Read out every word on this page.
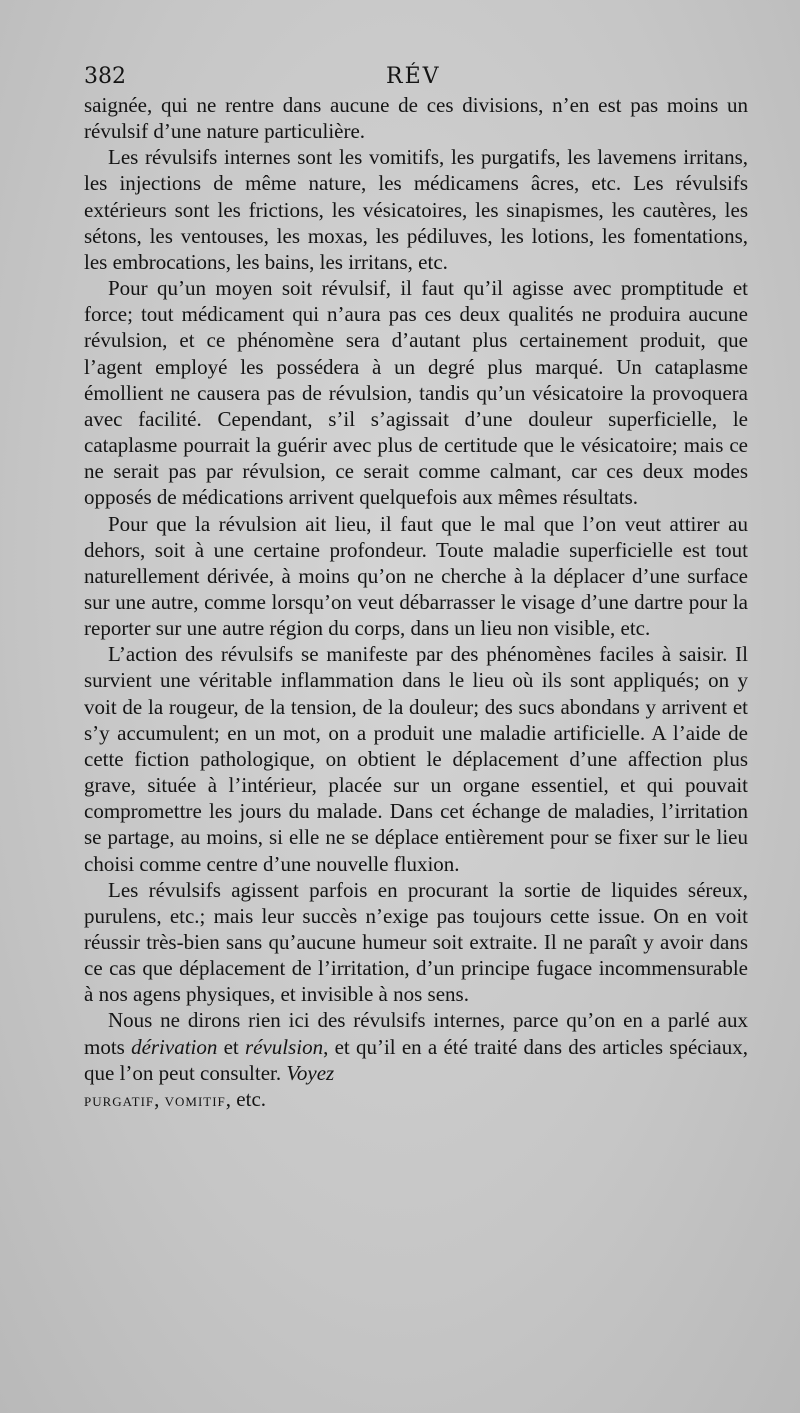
382	RÉV

saignée, qui ne rentre dans aucune de ces divisions, n’en est pas moins un révulsif d’une nature particulière.

Les révulsifs internes sont les vomitifs, les purgatifs, les lavemens irritans, les injections de même nature, les médicamens âcres, etc. Les révulsifs extérieurs sont les frictions, les vésicatoires, les sinapismes, les cautères, les sétons, les ventouses, les moxas, les pédiluves, les lotions, les fomentations, les embrocations, les bains, les irritans, etc.

Pour qu’un moyen soit révulsif, il faut qu’il agisse avec promptitude et force; tout médicament qui n’aura pas ces deux qualités ne produira aucune révulsion, et ce phénomène sera d’autant plus certainement produit, que l’agent employé les possédera à un degré plus marqué. Un cataplasme émollient ne causera pas de révulsion, tandis qu’un vésicatoire la provoquera avec facilité. Cependant, s’il s’agissait d’une douleur superficielle, le cataplasme pourrait la guérir avec plus de certitude que le vésicatoire; mais ce ne serait pas par révulsion, ce serait comme calmant, car ces deux modes opposés de médications arrivent quelquefois aux mêmes résultats.

Pour que la révulsion ait lieu, il faut que le mal que l’on veut attirer au dehors, soit à une certaine profondeur. Toute maladie superficielle est tout naturellement dérivée, à moins qu’on ne cherche à la déplacer d’une surface sur une autre, comme lorsqu’on veut débarrasser le visage d’une dartre pour la reporter sur une autre région du corps, dans un lieu non visible, etc.

L’action des révulsifs se manifeste par des phénomènes faciles à saisir. Il survient une véritable inflammation dans le lieu où ils sont appliqués; on y voit de la rougeur, de la tension, de la douleur; des sucs abondans y arrivent et s’y accumulent; en un mot, on a produit une maladie artificielle. A l’aide de cette fiction pathologique, on obtient le déplacement d’une affection plus grave, située à l’intérieur, placée sur un organe essentiel, et qui pouvait compromettre les jours du malade. Dans cet échange de maladies, l’irritation se partage, au moins, si elle ne se déplace entièrement pour se fixer sur le lieu choisi comme centre d’une nouvelle fluxion.

Les révulsifs agissent parfois en procurant la sortie de liquides séreux, purulens, etc.; mais leur succès n’exige pas toujours cette issue. On en voit réussir très-bien sans qu’aucune humeur soit extraite. Il ne paraît y avoir dans ce cas que déplacement de l’irritation, d’un principe fugace incommensurable à nos agens physiques, et invisible à nos sens.

Nous ne dirons rien ici des révulsifs internes, parce qu’on en a parlé aux mots dérivation et révulsion, et qu’il en a été traité dans des articles spéciaux, que l’on peut consulter. Voyez
purgatif, vomitif, etc.
